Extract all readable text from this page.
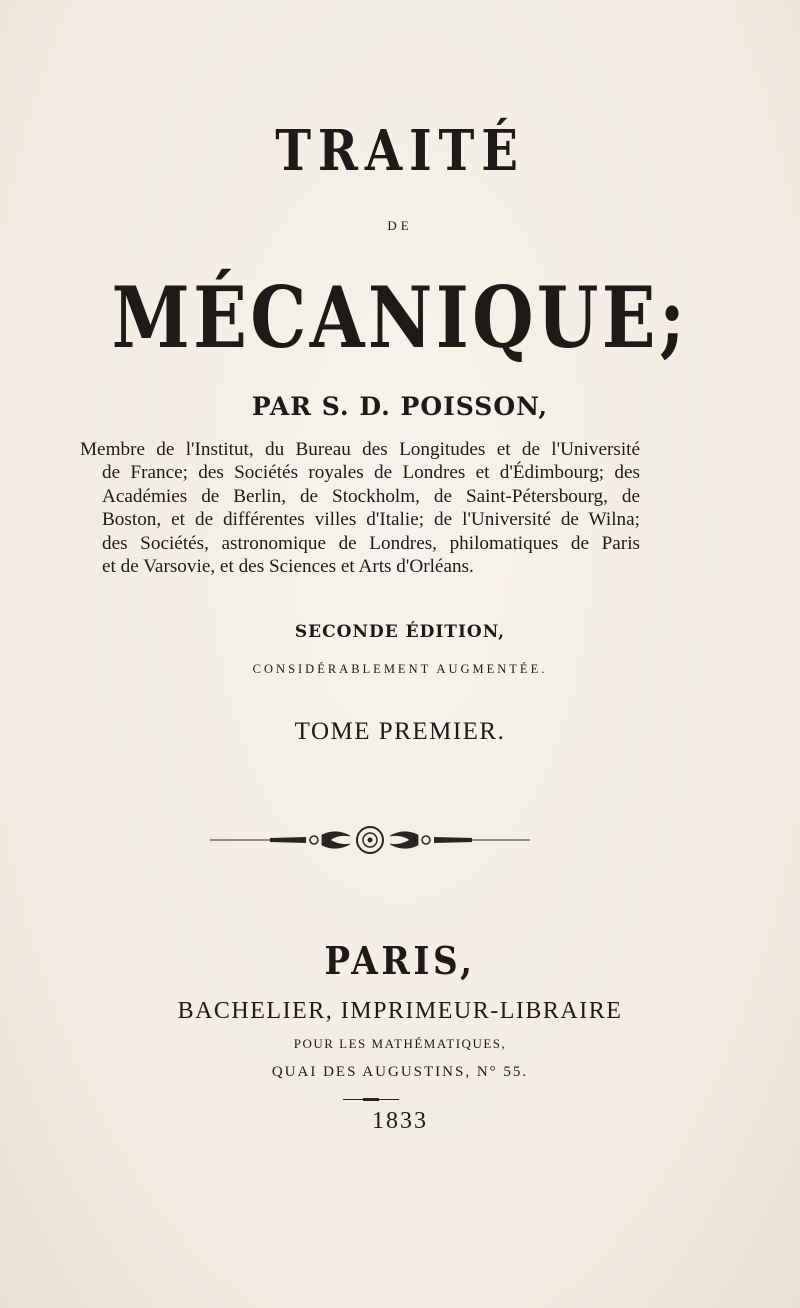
TRAITÉ
DE
MÉCANIQUE;
PAR S. D. POISSON,
Membre de l'Institut, du Bureau des Longitudes et de l'Université
de France; des Sociétés royales de Londres et d'Édimbourg; des
Académies de Berlin, de Stockholm, de Saint-Pétersbourg, de
Boston, et de différentes villes d'Italie; de l'Université de Wilna;
des Sociétés, astronomique de Londres, philomatiques de Paris
et de Varsovie, et des Sciences et Arts d'Orléans.
SECONDE ÉDITION,
CONSIDÉRABLEMENT AUGMENTÉE.
TOME PREMIER.
PARIS,
BACHELIER, IMPRIMEUR-LIBRAIRE
POUR LES MATHÉMATIQUES,
QUAI DES AUGUSTINS, N° 55.
1833
